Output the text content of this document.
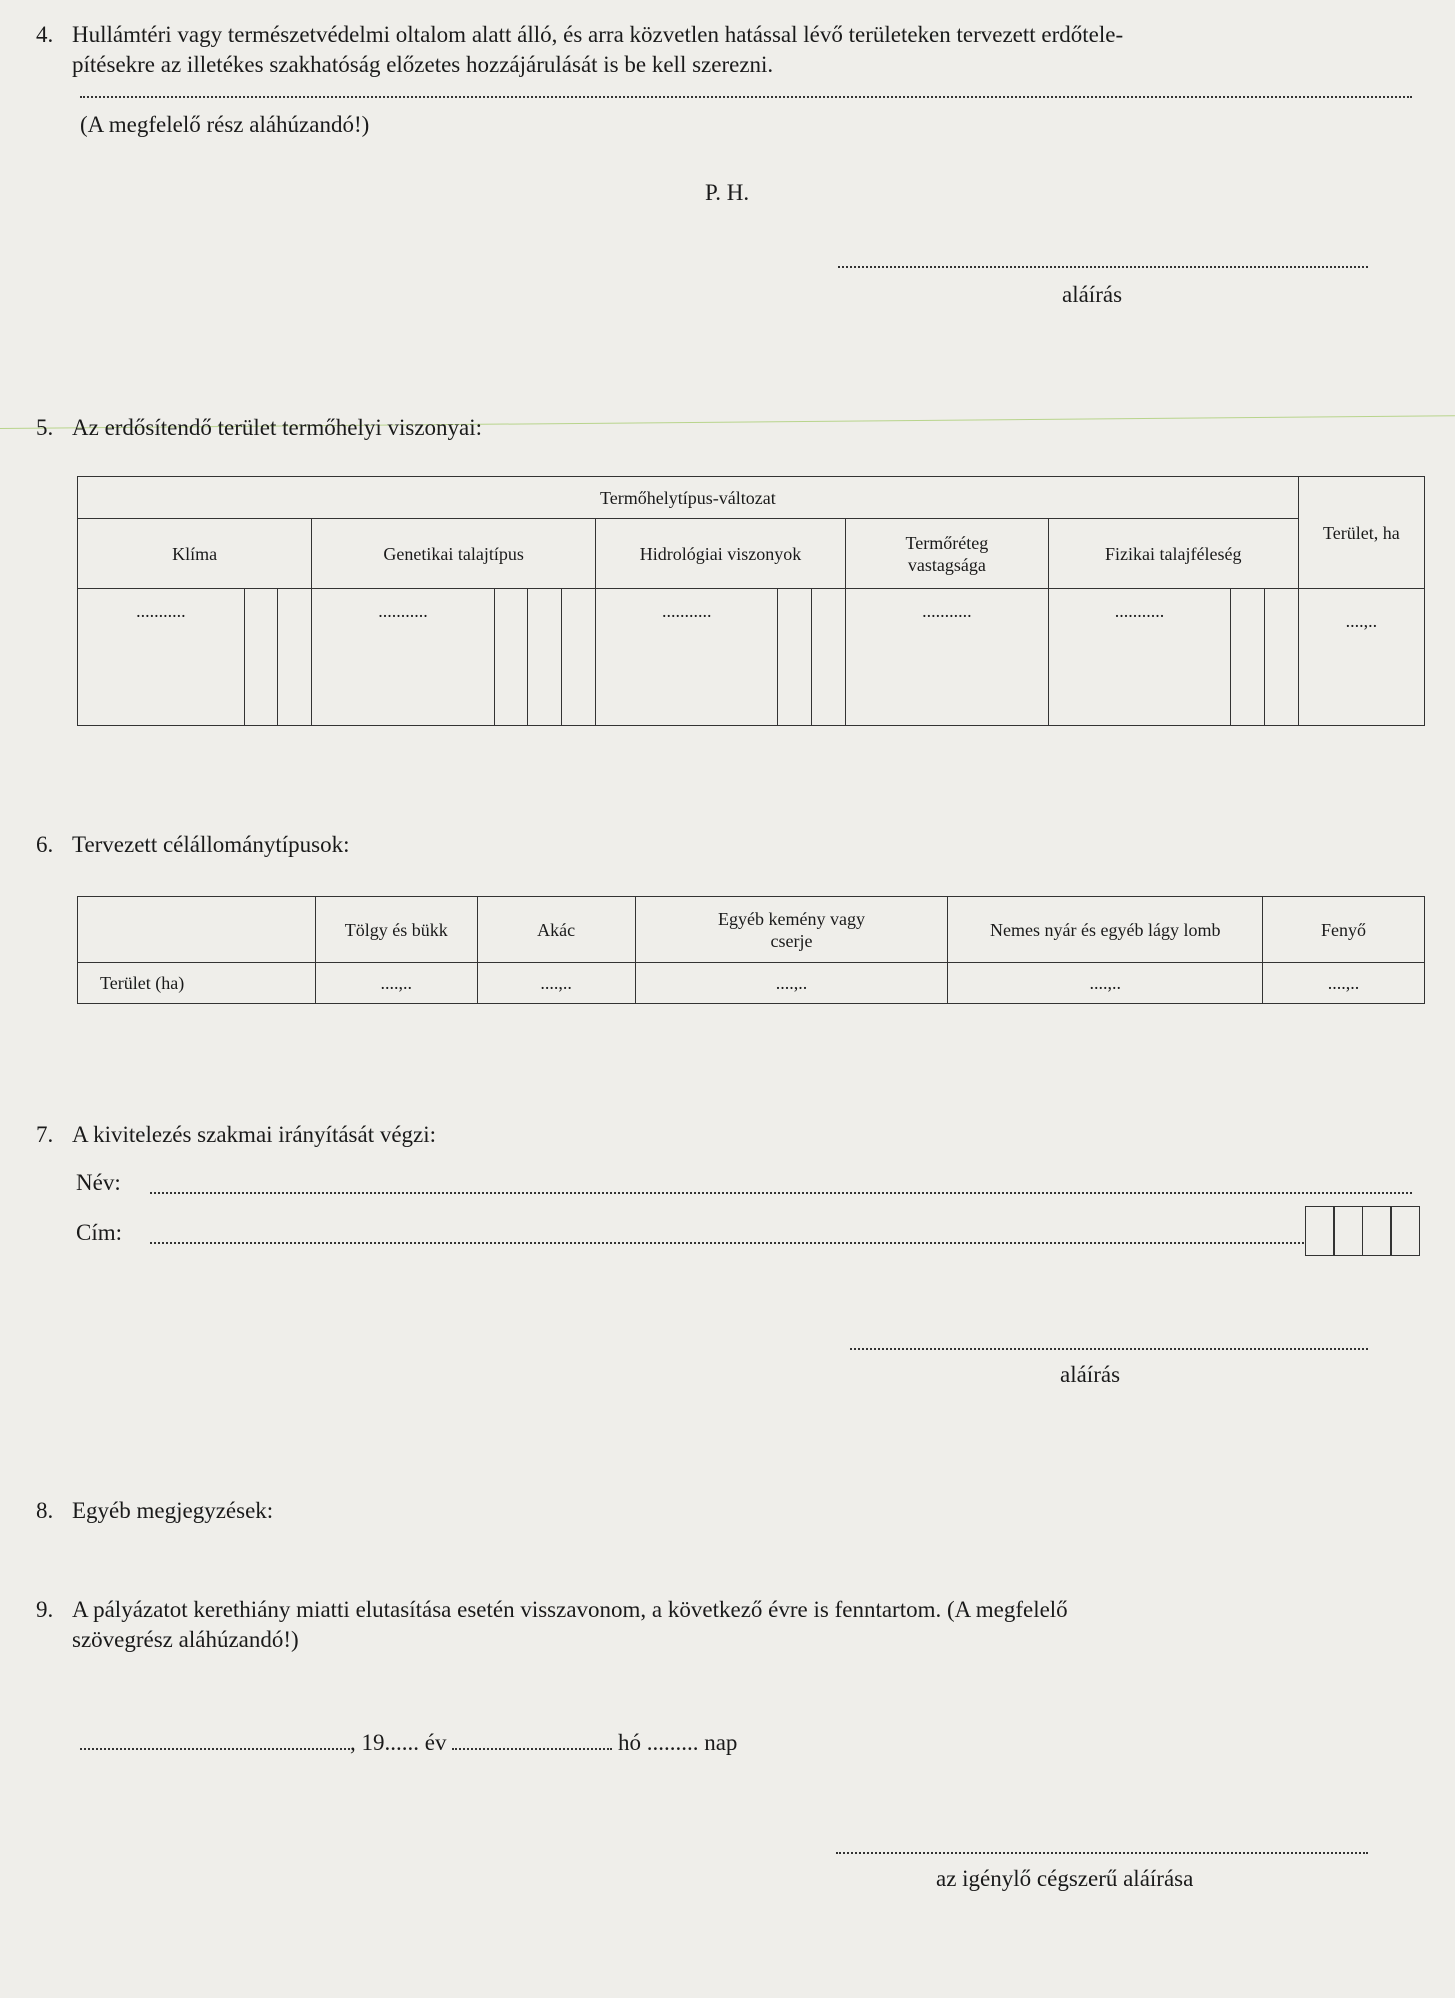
4. Hullámtéri vagy természetvédelmi oltalom alatt álló, és arra közvetlen hatással lévő területeken tervezett erdőtele-
pítésekre az illetékes szakhatóság előzetes hozzájárulását is be kell szerezni.
(A megfelelő rész aláhúzandó!)
P. H.
aláírás
5. Az erdősítendő terület termőhelyi viszonyai:
Termőhelytípus-változat														Terület, ha
Klíma			Genetikai talajtípus				Hidrológiai viszonyok			Termőréteg vastagsága	Fizikai talajféleség			
...........			...........				...........			...........	...........			....,..
6. Tervezett célállománytípusok:
	Tölgy és bükk	Akác	Egyéb kemény vagy cserje	Nemes nyár és egyéb lágy lomb	Fenyő
Terület (ha)	....,..	....,..	....,..	....,..	....,..
7. A kivitelezés szakmai irányítását végzi:
Név:
Cím:
aláírás
8. Egyéb megjegyzések:
9. A pályázatot kerethiány miatti elutasítása esetén visszavonom, a következő évre is fenntartom. (A megfelelő
szövegrész aláhúzandó!)
, 19...... év	hó ......... nap
az igénylő cégszerű aláírása
